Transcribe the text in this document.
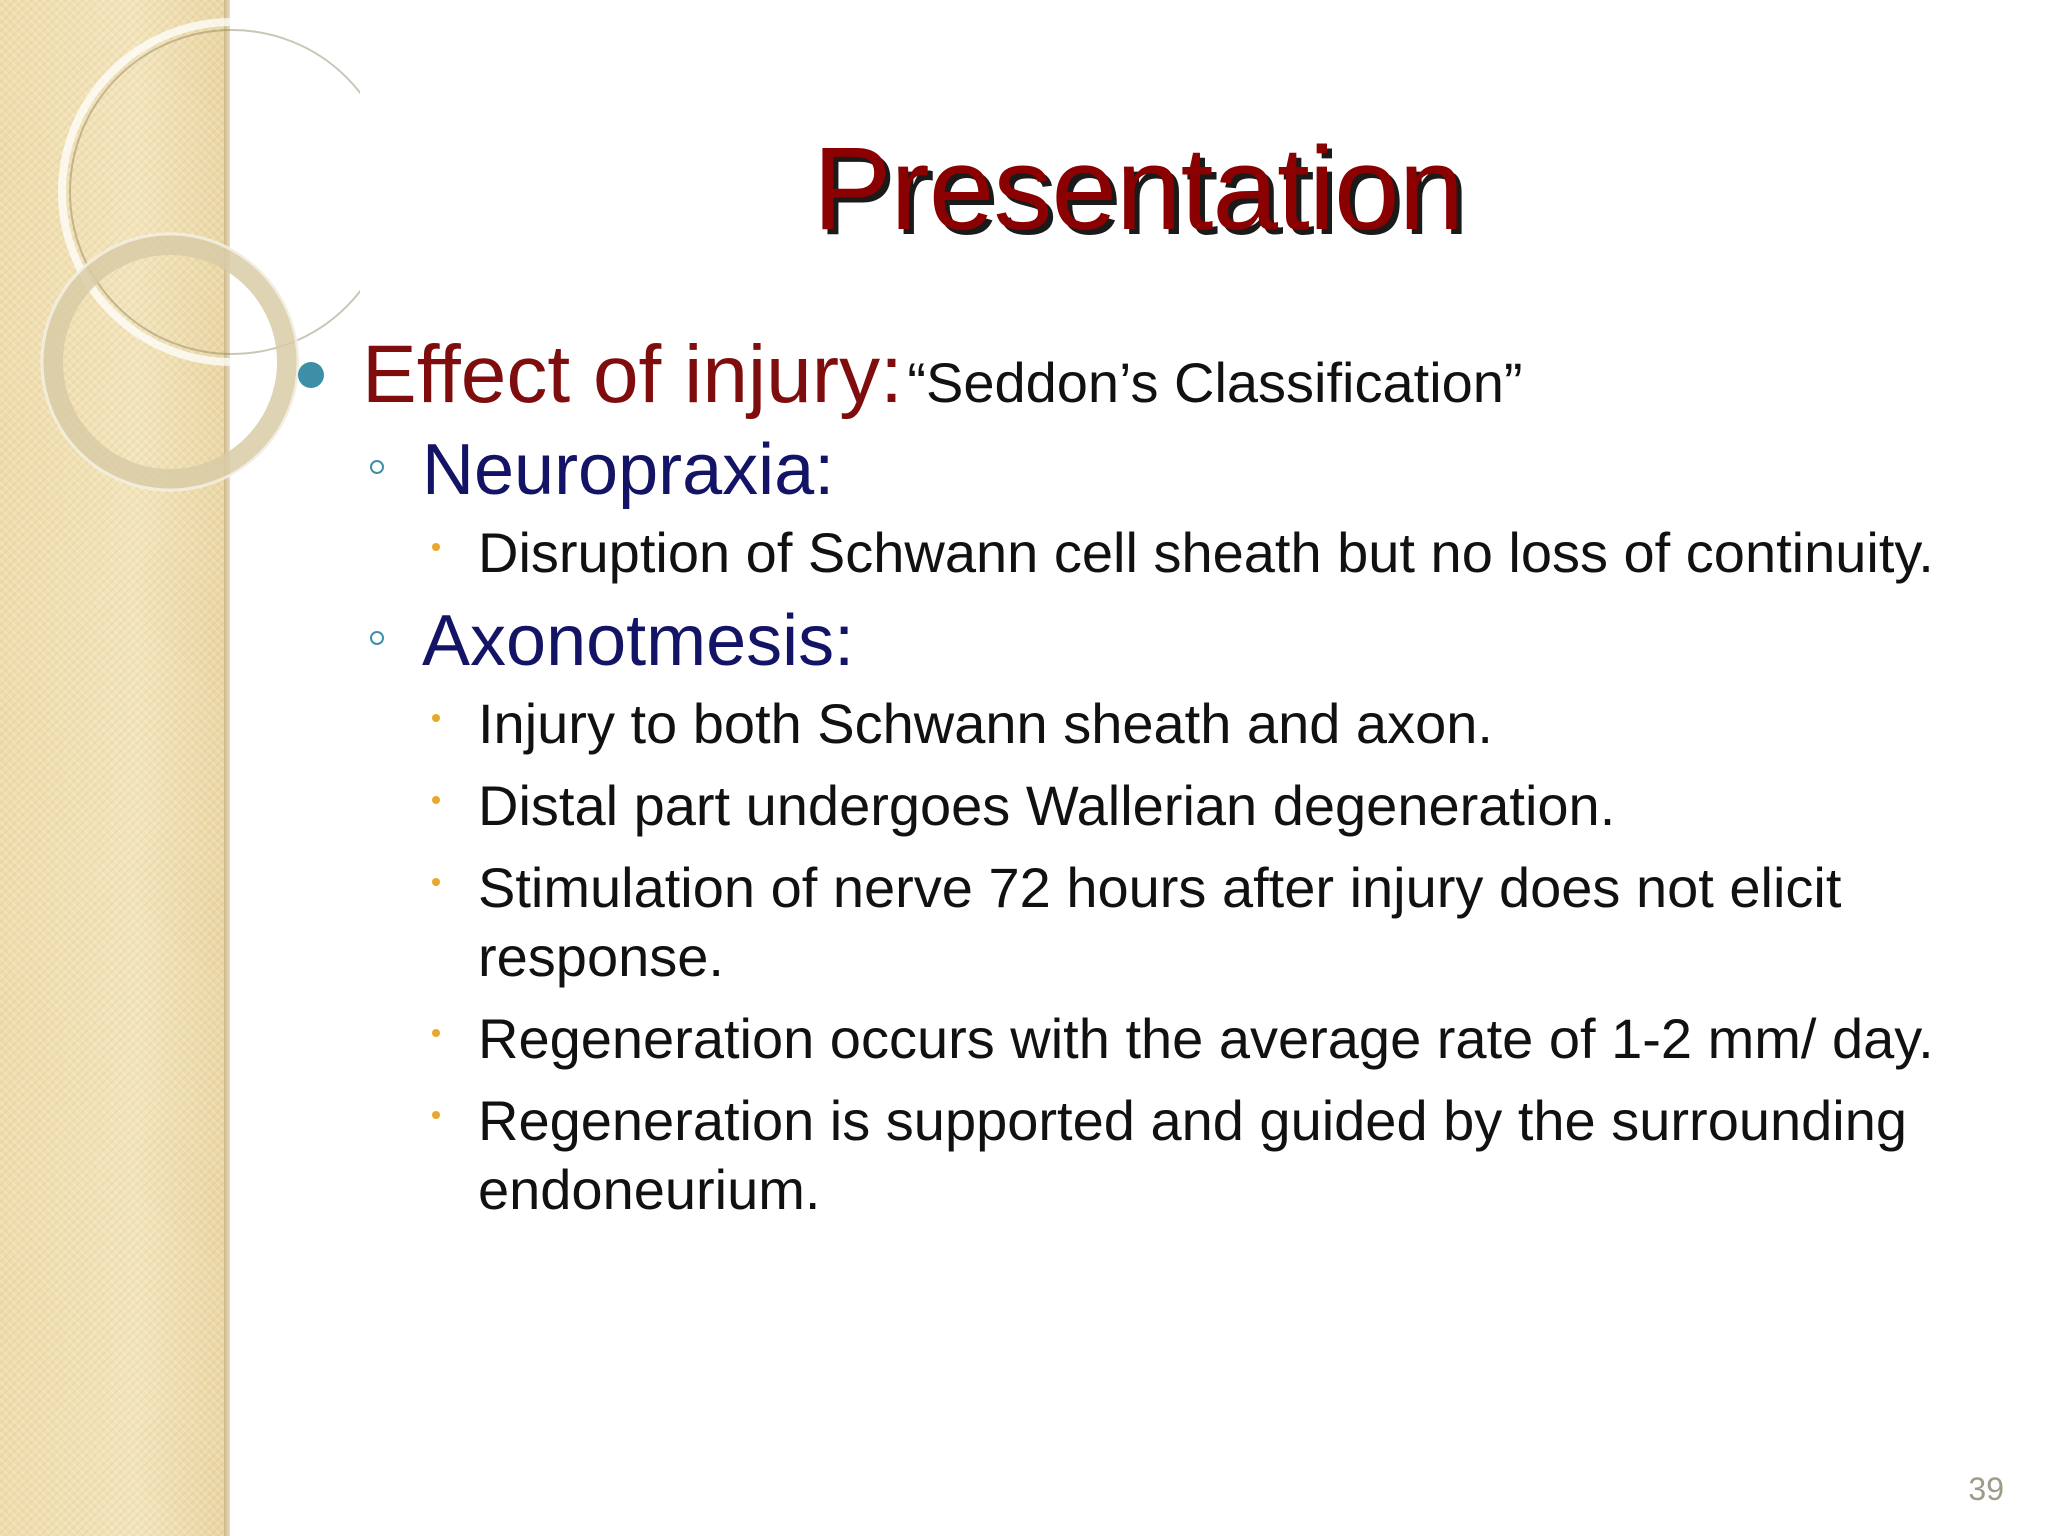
Presentation
Effect of injury: “Seddon’s Classification”
Neuropraxia:
Disruption of Schwann cell sheath but no loss of continuity.
Axonotmesis:
Injury to both Schwann sheath and axon.
Distal part undergoes Wallerian degeneration.
Stimulation of nerve 72 hours after injury does not elicit response.
Regeneration occurs with the average rate of 1-2 mm/ day.
Regeneration is supported and guided by the surrounding endoneurium.
39
